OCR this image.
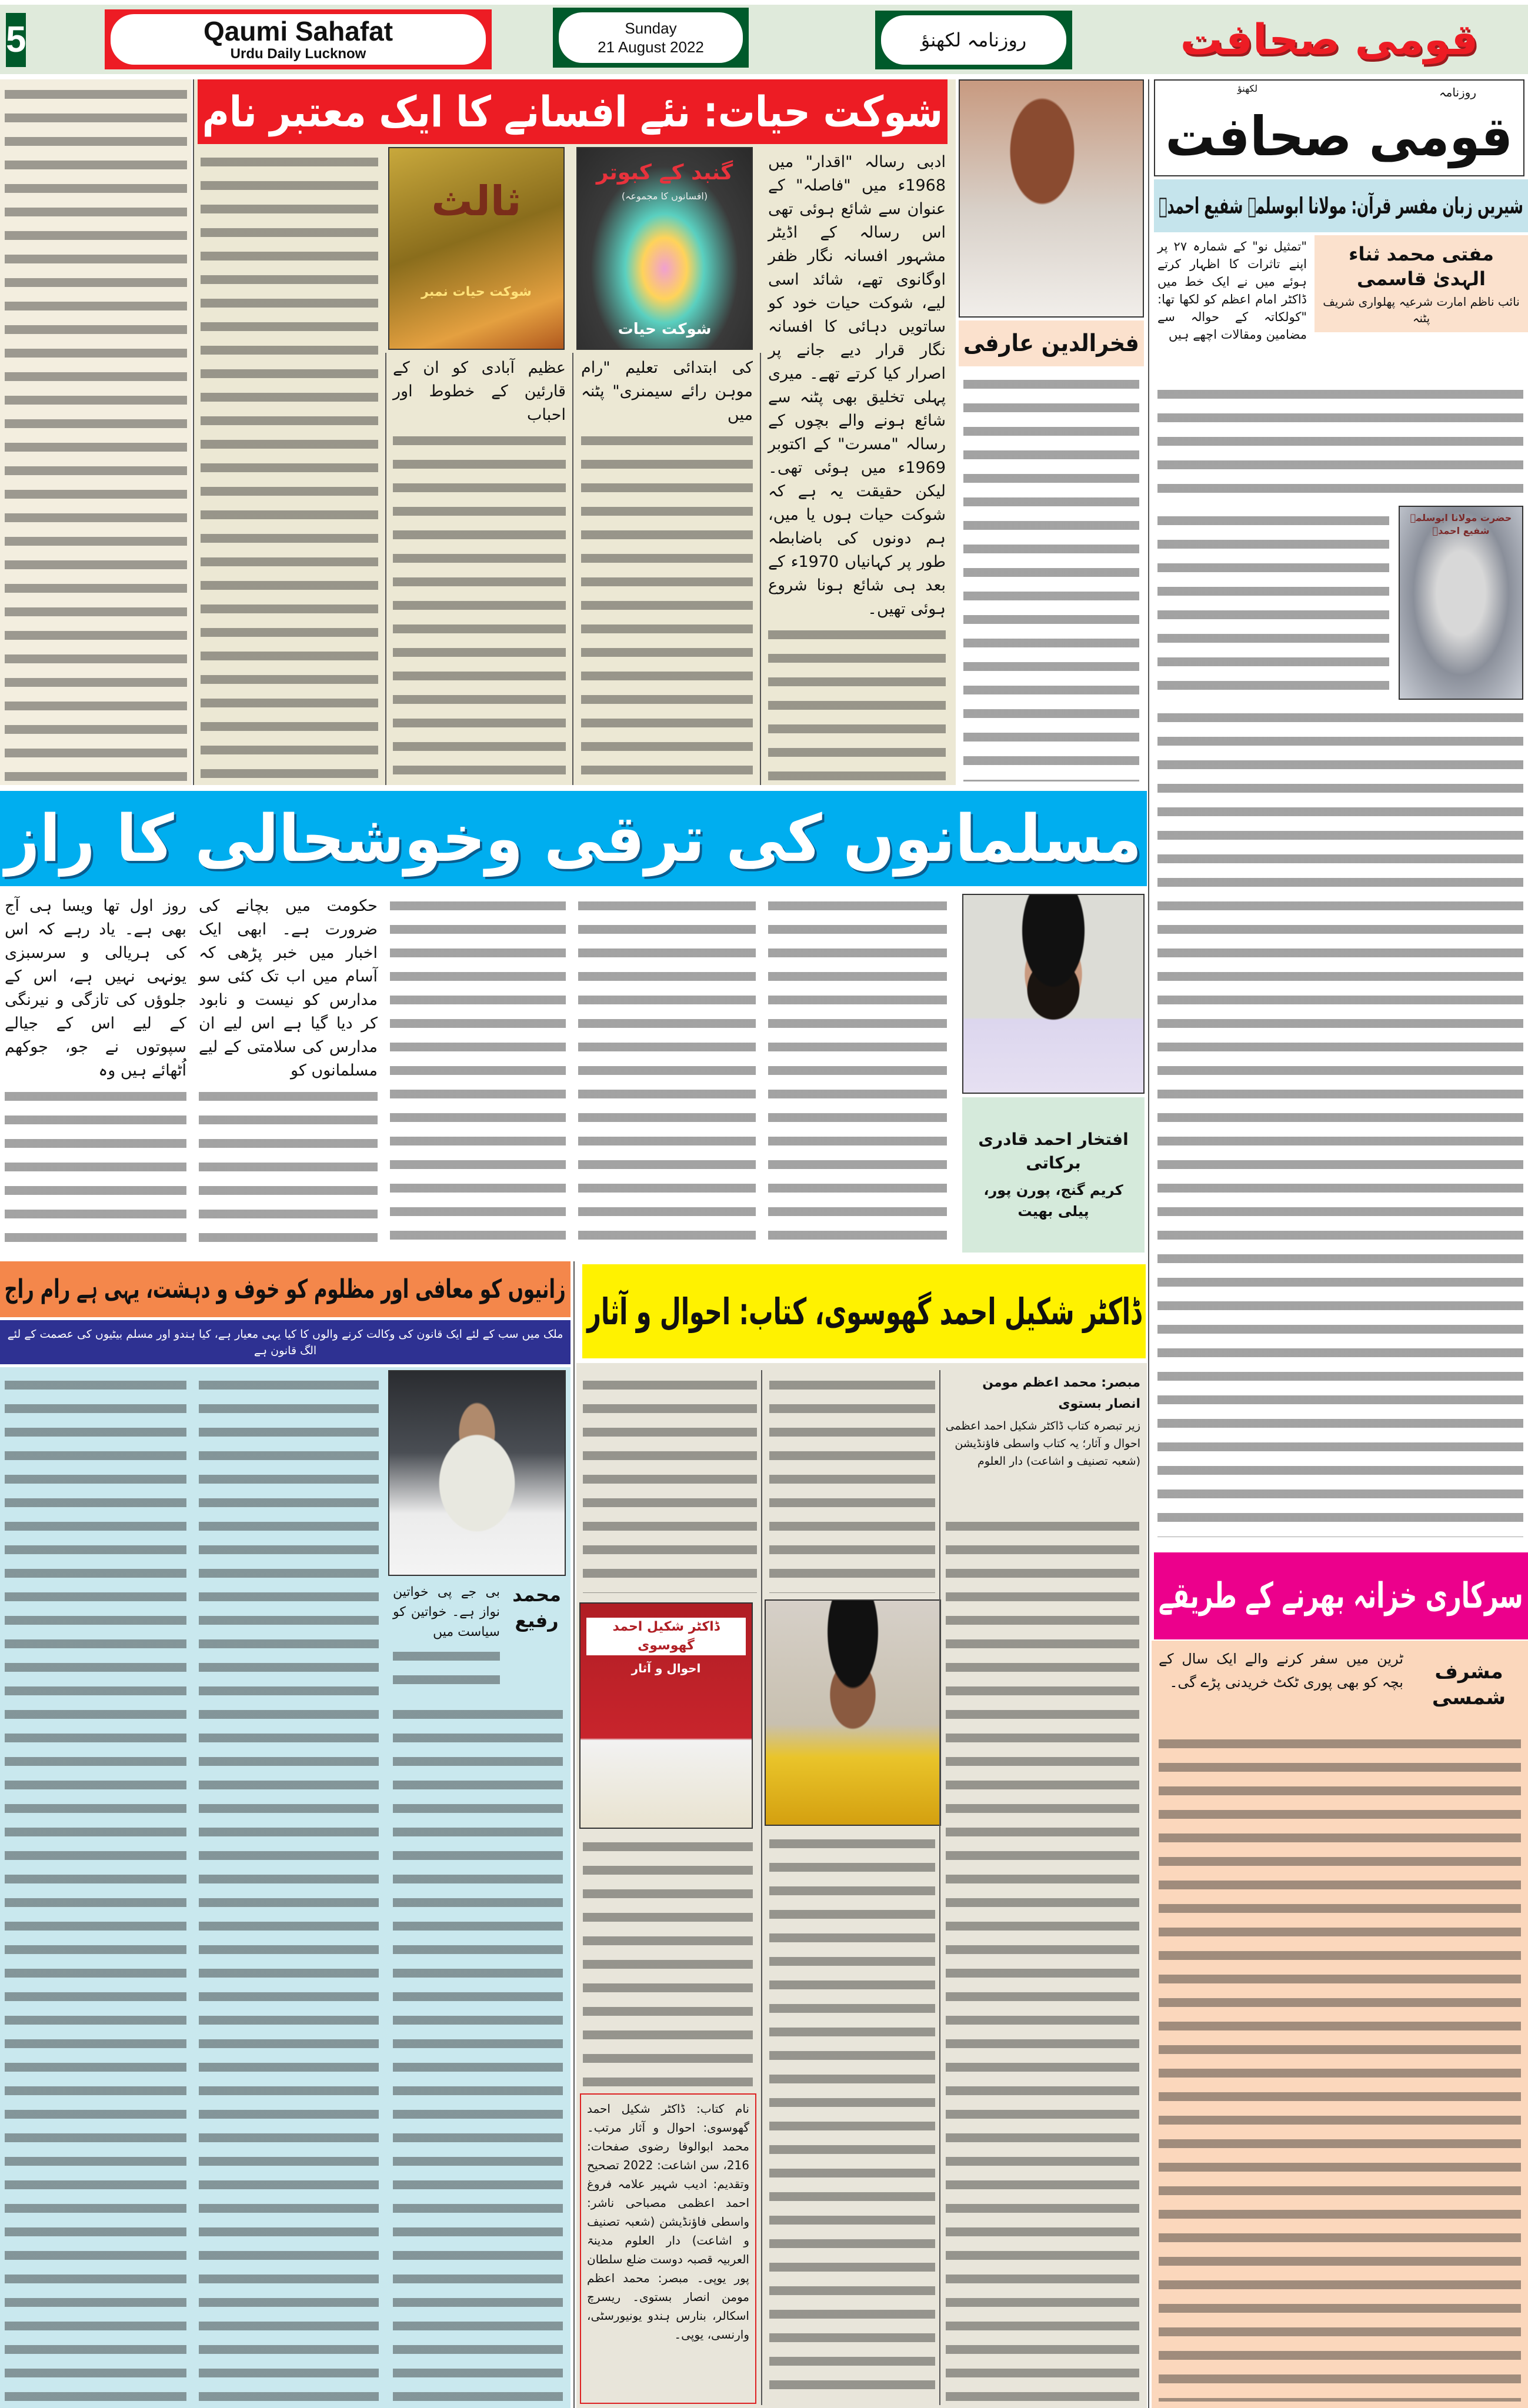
5	Qaumi Sahafat
Urdu Daily Lucknow
Sunday
21 August 2022	روزنامہ لکھنؤ	قومی صحافت
شوکت حیات: نئے افسانے کا ایک معتبر نام
ثالث
شوکت حیات نمبر
گنبد کے کبوتر
(افسانوں کا مجموعہ)
شوکت حیات

ادبی رسالہ "اقدار" میں 1968ء میں "فاصلہ" کے عنوان سے شائع ہوئی تھی اس رسالہ کے اڈیٹر مشہور افسانہ نگار ظفر اوگانوی تھے، شائد اسی لیے، شوکت حیات خود کو ساتویں دہائی کا افسانہ نگار قرار دیے جانے پر اصرار کیا کرتے تھے۔ میری پہلی تخلیق بھی پٹنہ سے شائع ہونے والے بچوں کے رسالہ "مسرت" کے اکتوبر 1969ء میں ہوئی تھی۔ لیکن حقیقت یہ ہے کہ شوکت حیات ہوں یا میں، ہم دونوں کی باضابطہ طور پر کہانیاں 1970ء کے بعد ہی شائع ہونا شروع ہوئی تھیں۔

کی ابتدائی تعلیم "رام موہن رائے سیمنری" پٹنہ میں

عظیم آبادی کو ان کے قارئین کے خطوط اور احباب

فخرالدین عارفی
روزنامہ
لکھنؤ
قومی صحافت
شیریں زبان مفسر قرآن: مولانا ابوسلمہ شفیع احمدؒ
مفتی محمد ثناء الہدیٰ قاسمی
نائب ناظم امارت شرعیہ پھلواری شریف پٹنہ

"تمثیل نو" کے شمارہ ۲۷ پر اپنے تاثرات کا اظہار کرتے ہوئے میں نے ایک خط میں ڈاکٹر امام اعظم کو لکھا تھا: "کولکاتہ کے حوالہ سے مضامین ومقالات اچھے ہیں

حضرت مولانا ابوسلمہ شفیع احمدؒ
مسلمانوں کی ترقی وخوشحالی کا راز

روز اول تھا ویسا ہی آج بھی ہے۔ یاد رہے کہ اس کی ہریالی و سرسبزی یونہی نہیں ہے، اس کے جلوؤں کی تازگی و نیرنگی کے لیے اس کے جیالے سپوتوں نے جو، جوکھم اُٹھائے ہیں وہ

حکومت میں بچانے کی ضرورت ہے۔ ابھی ایک اخبار میں خبر پڑھی کہ آسام میں اب تک کئی سو مدارس کو نیست و نابود کر دیا گیا ہے اس لیے ان مدارس کی سلامتی کے لیے مسلمانوں کو

افتخار احمد قادری برکاتی
کریم گنج، پورن پور، پیلی بھیت
زانیوں کو معافی اور مظلوم کو خوف و دہشت، یہی ہے رام راج
ملک میں سب کے لئے ایک قانون کی وکالت کرنے والوں کا کیا یہی معیار ہے، کیا ہندو اور مسلم بیٹیوں کی عصمت کے لئے الگ قانون ہے
محمد رفیع

بی جے پی خواتین نواز ہے۔ خواتین کو سیاست میں

ڈاکٹر شکیل احمد گھوسوی، کتاب: احوال و آثار
مبصر: محمد اعظم مومن انصار بستوی
زیر تبصرہ کتاب ڈاکٹر شکیل احمد اعظمی احوال و آثار؛ یہ کتاب واسطی فاؤنڈیشن (شعبہ تصنیف و اشاعت) دار العلوم
ڈاکٹر شکیل احمد گھوسوی
احوال و آثار
نام کتاب: ڈاکٹر شکیل احمد گھوسوی: احوال و آثار مرتب۔ محمد ابوالوفا رضوی صفحات: 216، سن اشاعت: 2022 تصحیح وتقدیم: ادیب شہیر علامہ فروغ احمد اعظمی مصباحی ناشر: واسطی فاؤنڈیشن (شعبہ تصنیف و اشاعت) دار العلوم مدینۃ العربیہ قصبہ دوست ضلع سلطان پور یوپی۔ مبصر: محمد اعظم مومن انصار بستوی۔ ریسرچ اسکالر، بنارس ہندو یونیورسٹی، وارنسی، یوپی۔
سرکاری خزانہ بھرنے کے طریقے
مشرف شمسی

ٹرین میں سفر کرنے والے ایک سال کے بچہ کو بھی پوری ٹکٹ خریدنی پڑے گی۔
